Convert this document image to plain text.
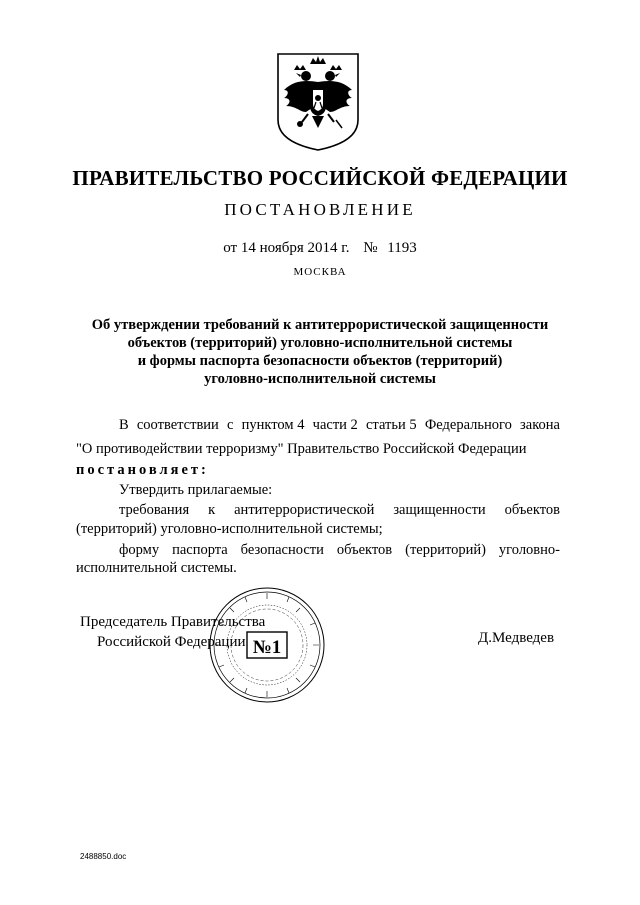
ПРАВИТЕЛЬСТВО РОССИЙСКОЙ ФЕДЕРАЦИИ
ПОСТАНОВЛЕНИЕ
от 14 ноября 2014 г. № 1193
МОСКВА
Об утверждении требований к антитеррористической защищенности
объектов (территорий) уголовно-исполнительной системы
и формы паспорта безопасности объектов (территорий)
уголовно-исполнительной системы
В соответствии с пунктом 4 части 2 статьи 5 Федерального закона
"О противодействии терроризму" Правительство Российской Федерации
постановляет:
Утвердить прилагаемые:
требования к антитеррористической защищенности объектов
(территорий) уголовно-исполнительной системы;
форму паспорта безопасности объектов (территорий) уголовно-
исполнительной системы.
Председатель Правительства
Российской Федерации №1	Д.Медведев
2488850.doc
